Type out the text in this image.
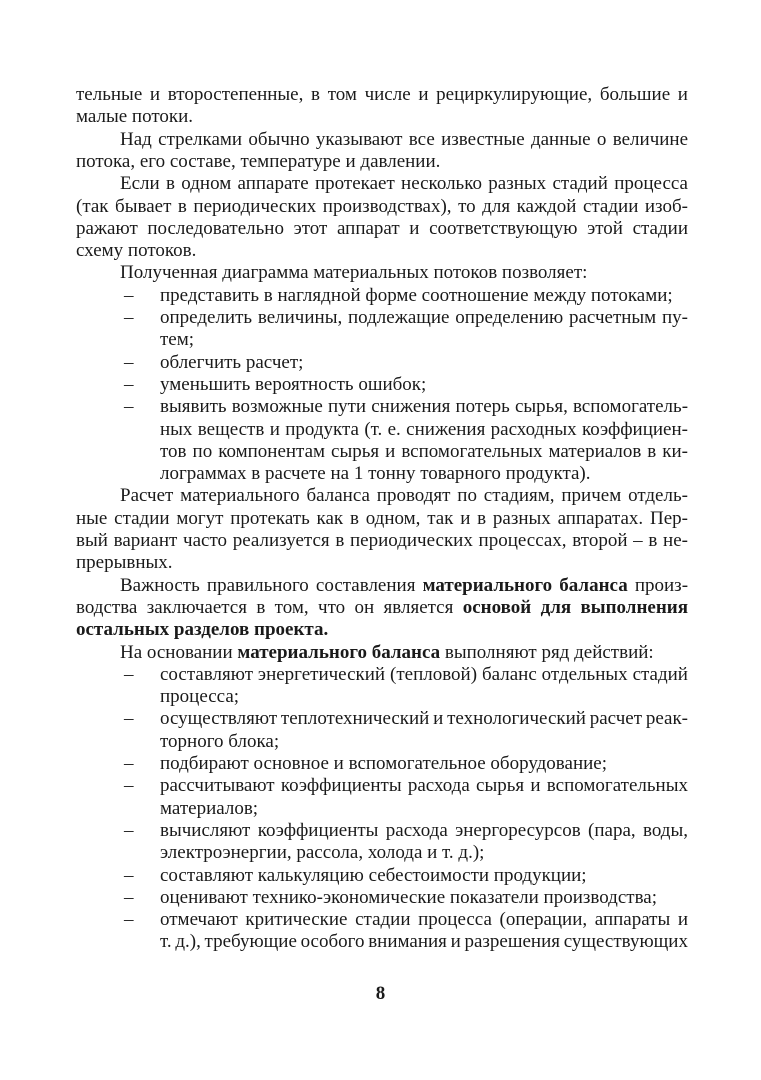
тельные и второстепенные, в том числе и рециркулирующие, большие и
малые потоки.
Над стрелками обычно указывают все известные данные о величине
потока, его составе, температуре и давлении.
Если в одном аппарате протекает несколько разных стадий процесса
(так бывает в периодических производствах), то для каждой стадии изоб-
ражают последовательно этот аппарат и соответствующую этой стадии
схему потоков.
Полученная диаграмма материальных потоков позволяет:
– представить в наглядной форме соотношение между потоками;
– определить величины, подлежащие определению расчетным пу-
тем;
– облегчить расчет;
– уменьшить вероятность ошибок;
– выявить возможные пути снижения потерь сырья, вспомогатель-
ных веществ и продукта (т. е. снижения расходных коэффициен-
тов по компонентам сырья и вспомогательных материалов в ки-
лограммах в расчете на 1 тонну товарного продукта).
Расчет материального баланса проводят по стадиям, причем отдель-
ные стадии могут протекать как в одном, так и в разных аппаратах. Пер-
вый вариант часто реализуется в периодических процессах, второй – в не-
прерывных.
Важность правильного составления материального баланса произ-
водства заключается в том, что он является основой для выполнения
остальных разделов проекта.
На основании материального баланса выполняют ряд действий:
– составляют энергетический (тепловой) баланс отдельных стадий
процесса;
– осуществляют теплотехнический и технологический расчет реак-
торного блока;
– подбирают основное и вспомогательное оборудование;
– рассчитывают коэффициенты расхода сырья и вспомогательных
материалов;
– вычисляют коэффициенты расхода энергоресурсов (пара, воды,
электроэнергии, рассола, холода и т. д.);
– составляют калькуляцию себестоимости продукции;
– оценивают технико-экономические показатели производства;
– отмечают критические стадии процесса (операции, аппараты и
т. д.), требующие особого внимания и разрешения существующих
8
